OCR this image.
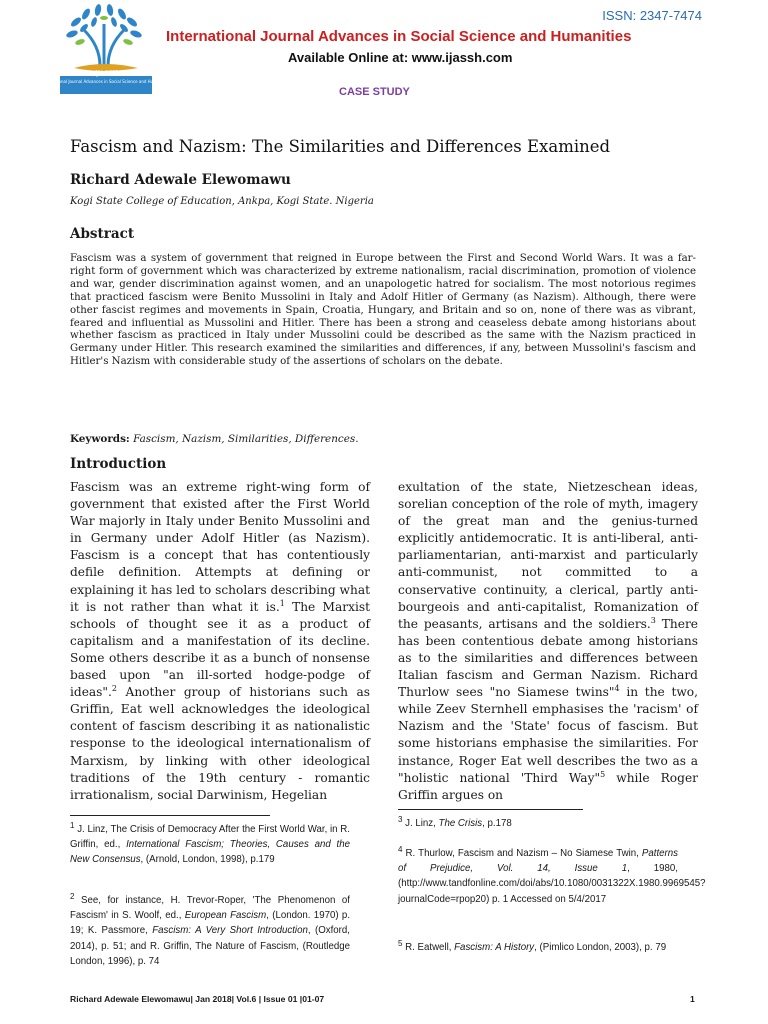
ISSN: 2347-7474
IJASSH
International Journal Advances in Social Science and Humanities
International Journal Advances in Social Science and Humanities
Available Online at: www.ijassh.com
CASE STUDY
Fascism and Nazism: The Similarities and Differences Examined
Richard Adewale Elewomawu
Kogi State College of Education, Ankpa, Kogi State. Nigeria
Abstract
Fascism was a system of government that reigned in Europe between the First and Second World Wars. It was a far-right form of government which was characterized by extreme nationalism, racial discrimination, promotion of violence and war, gender discrimination against women, and an unapologetic hatred for socialism. The most notorious regimes that practiced fascism were Benito Mussolini in Italy and Adolf Hitler of Germany (as Nazism). Although, there were other fascist regimes and movements in Spain, Croatia, Hungary, and Britain and so on, none of there was as vibrant, feared and influential as Mussolini and Hitler. There has been a strong and ceaseless debate among historians about whether fascism as practiced in Italy under Mussolini could be described as the same with the Nazism practiced in Germany under Hitler. This research examined the similarities and differences, if any, between Mussolini's fascism and Hitler's Nazism with considerable study of the assertions of scholars on the debate.
Keywords: Fascism, Nazism, Similarities, Differences.
Introduction
Fascism was an extreme right-wing form of government that existed after the First World War majorly in Italy under Benito Mussolini and in Germany under Adolf Hitler (as Nazism). Fascism is a concept that has contentiously defile definition. Attempts at defining or explaining it has led to scholars describing what it is not rather than what it is.$^1$ The Marxist schools of thought see it as a product of capitalism and a manifestation of its decline. Some others describe it as a bunch of nonsense based upon "an ill-sorted hodge-podge of ideas".$^2$ Another group of historians such as Griffin, Eat well acknowledges the ideological content of fascism describing it as nationalistic response to the ideological internationalism of Marxism, by linking with other ideological traditions of the 19th century - romantic irrationalism, social Darwinism, Hegelian
exultation of the state, Nietzeschean ideas, sorelian conception of the role of myth, imagery of the great man and the genius-turned explicitly antidemocratic. It is anti-liberal, anti-parliamentarian, anti-marxist and particularly anti-communist, not committed to a conservative continuity, a clerical, partly anti-bourgeois and anti-capitalist, Romanization of the peasants, artisans and the soldiers.$^3$ There has been contentious debate among historians as to the similarities and differences between Italian fascism and German Nazism. Richard Thurlow sees "no Siamese twins"$^4$ in the two, while Zeev Sternhell emphasises the 'racism' of Nazism and the 'State' focus of fascism. But some historians emphasise the similarities. For instance, Roger Eat well describes the two as a "holistic national 'Third Way"$^5$ while Roger Griffin argues on
$^1$ J. Linz, The Crisis of Democracy After the First World War, in R. Griffin, ed., International Fascism; Theories, Causes and the New Consensus, (Arnold, London, 1998), p.179
$^2$ See, for instance, H. Trevor-Roper, 'The Phenomenon of Fascism' in S. Woolf, ed., European Fascism, (London. 1970) p. 19; K. Passmore, Fascism: A Very Short Introduction, (Oxford, 2014), p. 51; and R. Griffin, The Nature of Fascism, (Routledge London, 1996), p. 74
$^3$ J. Linz, The Crisis, p.178
$^4$ R. Thurlow, Fascism and Nazism – No Siamese Twin, Patterns of Prejudice, Vol. 14, Issue 1, 1980, (http://www.tandfonline.com/doi/abs/10.1080/0031322X.1980.9969545?journalCode=rpop20) p. 1 Accessed on 5/4/2017
$^5$ R. Eatwell, Fascism: A History, (Pimlico London, 2003), p. 79
Richard Adewale Elewomawu| Jan 2018| Vol.6 | Issue 01 |01-07	1
